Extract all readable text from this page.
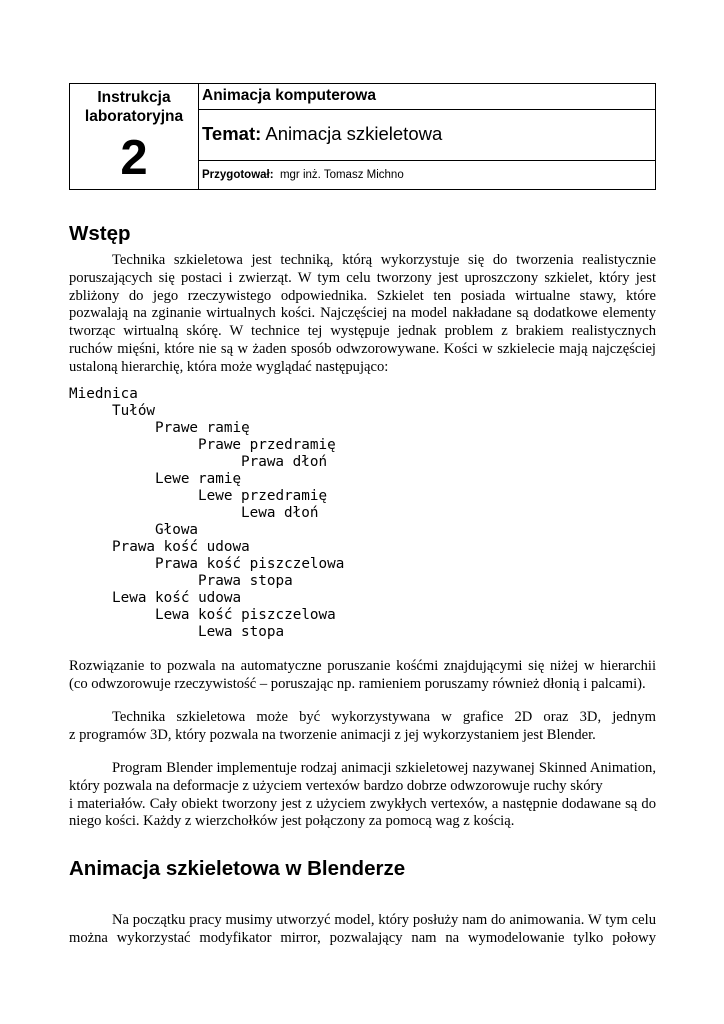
Instrukcja
laboratoryjna
2
Animacja komputerowa
Temat: Animacja szkieletowa
Przygotował: mgr inż. Tomasz Michno
Wstęp

Technika szkieletowa jest techniką, którą wykorzystuje się do tworzenia realistycznie
poruszających się postaci i zwierząt. W tym celu tworzony jest uproszczony szkielet, który jest
zbliżony do jego rzeczywistego odpowiednika. Szkielet ten posiada wirtualne stawy, które
pozwalają na zginanie wirtualnych kości. Najczęściej na model nakładane są dodatkowe elementy
tworząc wirtualną skórę. W technice tej występuje jednak problem z brakiem realistycznych
ruchów mięśni, które nie są w żaden sposób odwzorowywane. Kości w szkielecie mają najczęściej
ustaloną hierarchię, która może wyglądać następująco:

Miednica
Tułów
Prawe ramię
Prawe przedramię
Prawa dłoń
Lewe ramię
Lewe przedramię
Lewa dłoń
Głowa
Prawa kość udowa
Prawa kość piszczelowa
Prawa stopa
Lewa kość udowa
Lewa kość piszczelowa
Lewa stopa

Rozwiązanie to pozwala na automatyczne poruszanie kośćmi znajdującymi się niżej w hierarchii
(co odwzorowuje rzeczywistość – poruszając np. ramieniem poruszamy również dłonią i palcami).

Technika szkieletowa może być wykorzystywana w grafice 2D oraz 3D, jednym
z programów 3D, który pozwala na tworzenie animacji z jej wykorzystaniem jest Blender.

Program Blender implementuje rodzaj animacji szkieletowej nazywanej Skinned Animation,
który pozwala na deformacje z użyciem vertexów bardzo dobrze odwzorowuje ruchy skóry
i materiałów. Cały obiekt tworzony jest z użyciem zwykłych vertexów, a następnie dodawane są do
niego kości. Każdy z wierzchołków jest połączony za pomocą wag z kością.

Animacja szkieletowa w Blenderze

Na początku pracy musimy utworzyć model, który posłuży nam do animowania. W tym celu
można wykorzystać modyfikator mirror, pozwalający nam na wymodelowanie tylko połowy
